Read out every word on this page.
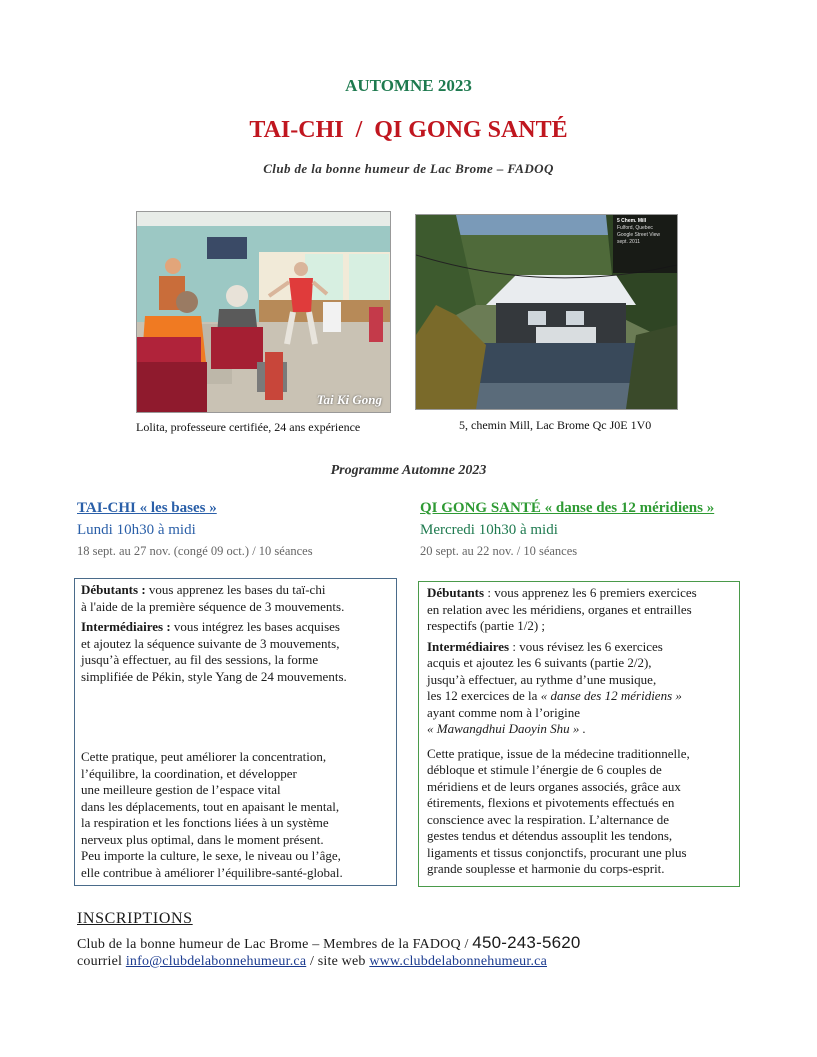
AUTOMNE 2023
TAI-CHI  /  QI GONG SANTÉ
Club de la bonne humeur de Lac Brome – FADOQ
Tai Ki Gong
Lolita, professeure certifiée, 24 ans expérience
5 Chem. Mill
Fulford, Quebec
Google Street View
sept. 2011
5, chemin Mill, Lac Brome Qc J0E 1V0
Programme Automne 2023
TAI-CHI « les bases »
Lundi 10h30 à midi
18 sept. au 27 nov. (congé 09 oct.) / 10 séances
QI GONG SANTÉ « danse des 12 méridiens »
Mercredi 10h30 à midi
20 sept. au 22 nov. / 10 séances

Débutants : vous apprenez les bases du taï-chi

à l'aide de la première séquence de 3 mouvements.

Intermédiaires : vous intégrez les bases acquises

et ajoutez la séquence suivante de 3 mouvements,

jusqu’à effectuer, au fil des sessions, la forme

simplifiée de Pékin, style Yang de 24 mouvements.

Cette pratique, peut améliorer la concentration,

l’équilibre, la coordination, et développer

une meilleure gestion de l’espace vital

dans les déplacements, tout en apaisant le mental,

la respiration et les fonctions liées à un système

nerveux plus optimal, dans le moment présent.

Peu importe la culture, le sexe, le niveau ou l’âge,

elle contribue à améliorer l’équilibre-santé-global.

Débutants : vous apprenez les 6 premiers exercices

en relation avec les méridiens, organes et entrailles

respectifs (partie 1/2) ;

Intermédiaires : vous révisez les 6 exercices

acquis et ajoutez les 6 suivants (partie 2/2),

jusqu’à effectuer, au rythme d’une musique,

les 12 exercices de la « danse des 12 méridiens »

ayant comme nom à l’origine

« Mawangdhui Daoyin Shu » .

Cette pratique, issue de la médecine traditionnelle,

débloque et stimule l’énergie de 6 couples de

méridiens et de leurs organes associés, grâce aux

étirements, flexions et pivotements effectués en

conscience avec la respiration. L’alternance de

gestes tendus et détendus assouplit les tendons,

ligaments et tissus conjonctifs, procurant une plus

grande souplesse et harmonie du corps-esprit.

INSCRIPTIONS
Club de la bonne humeur de Lac Brome – Membres de la FADOQ / 450-243-5620
courriel info@clubdelabonnehumeur.ca / site web www.clubdelabonnehumeur.ca
